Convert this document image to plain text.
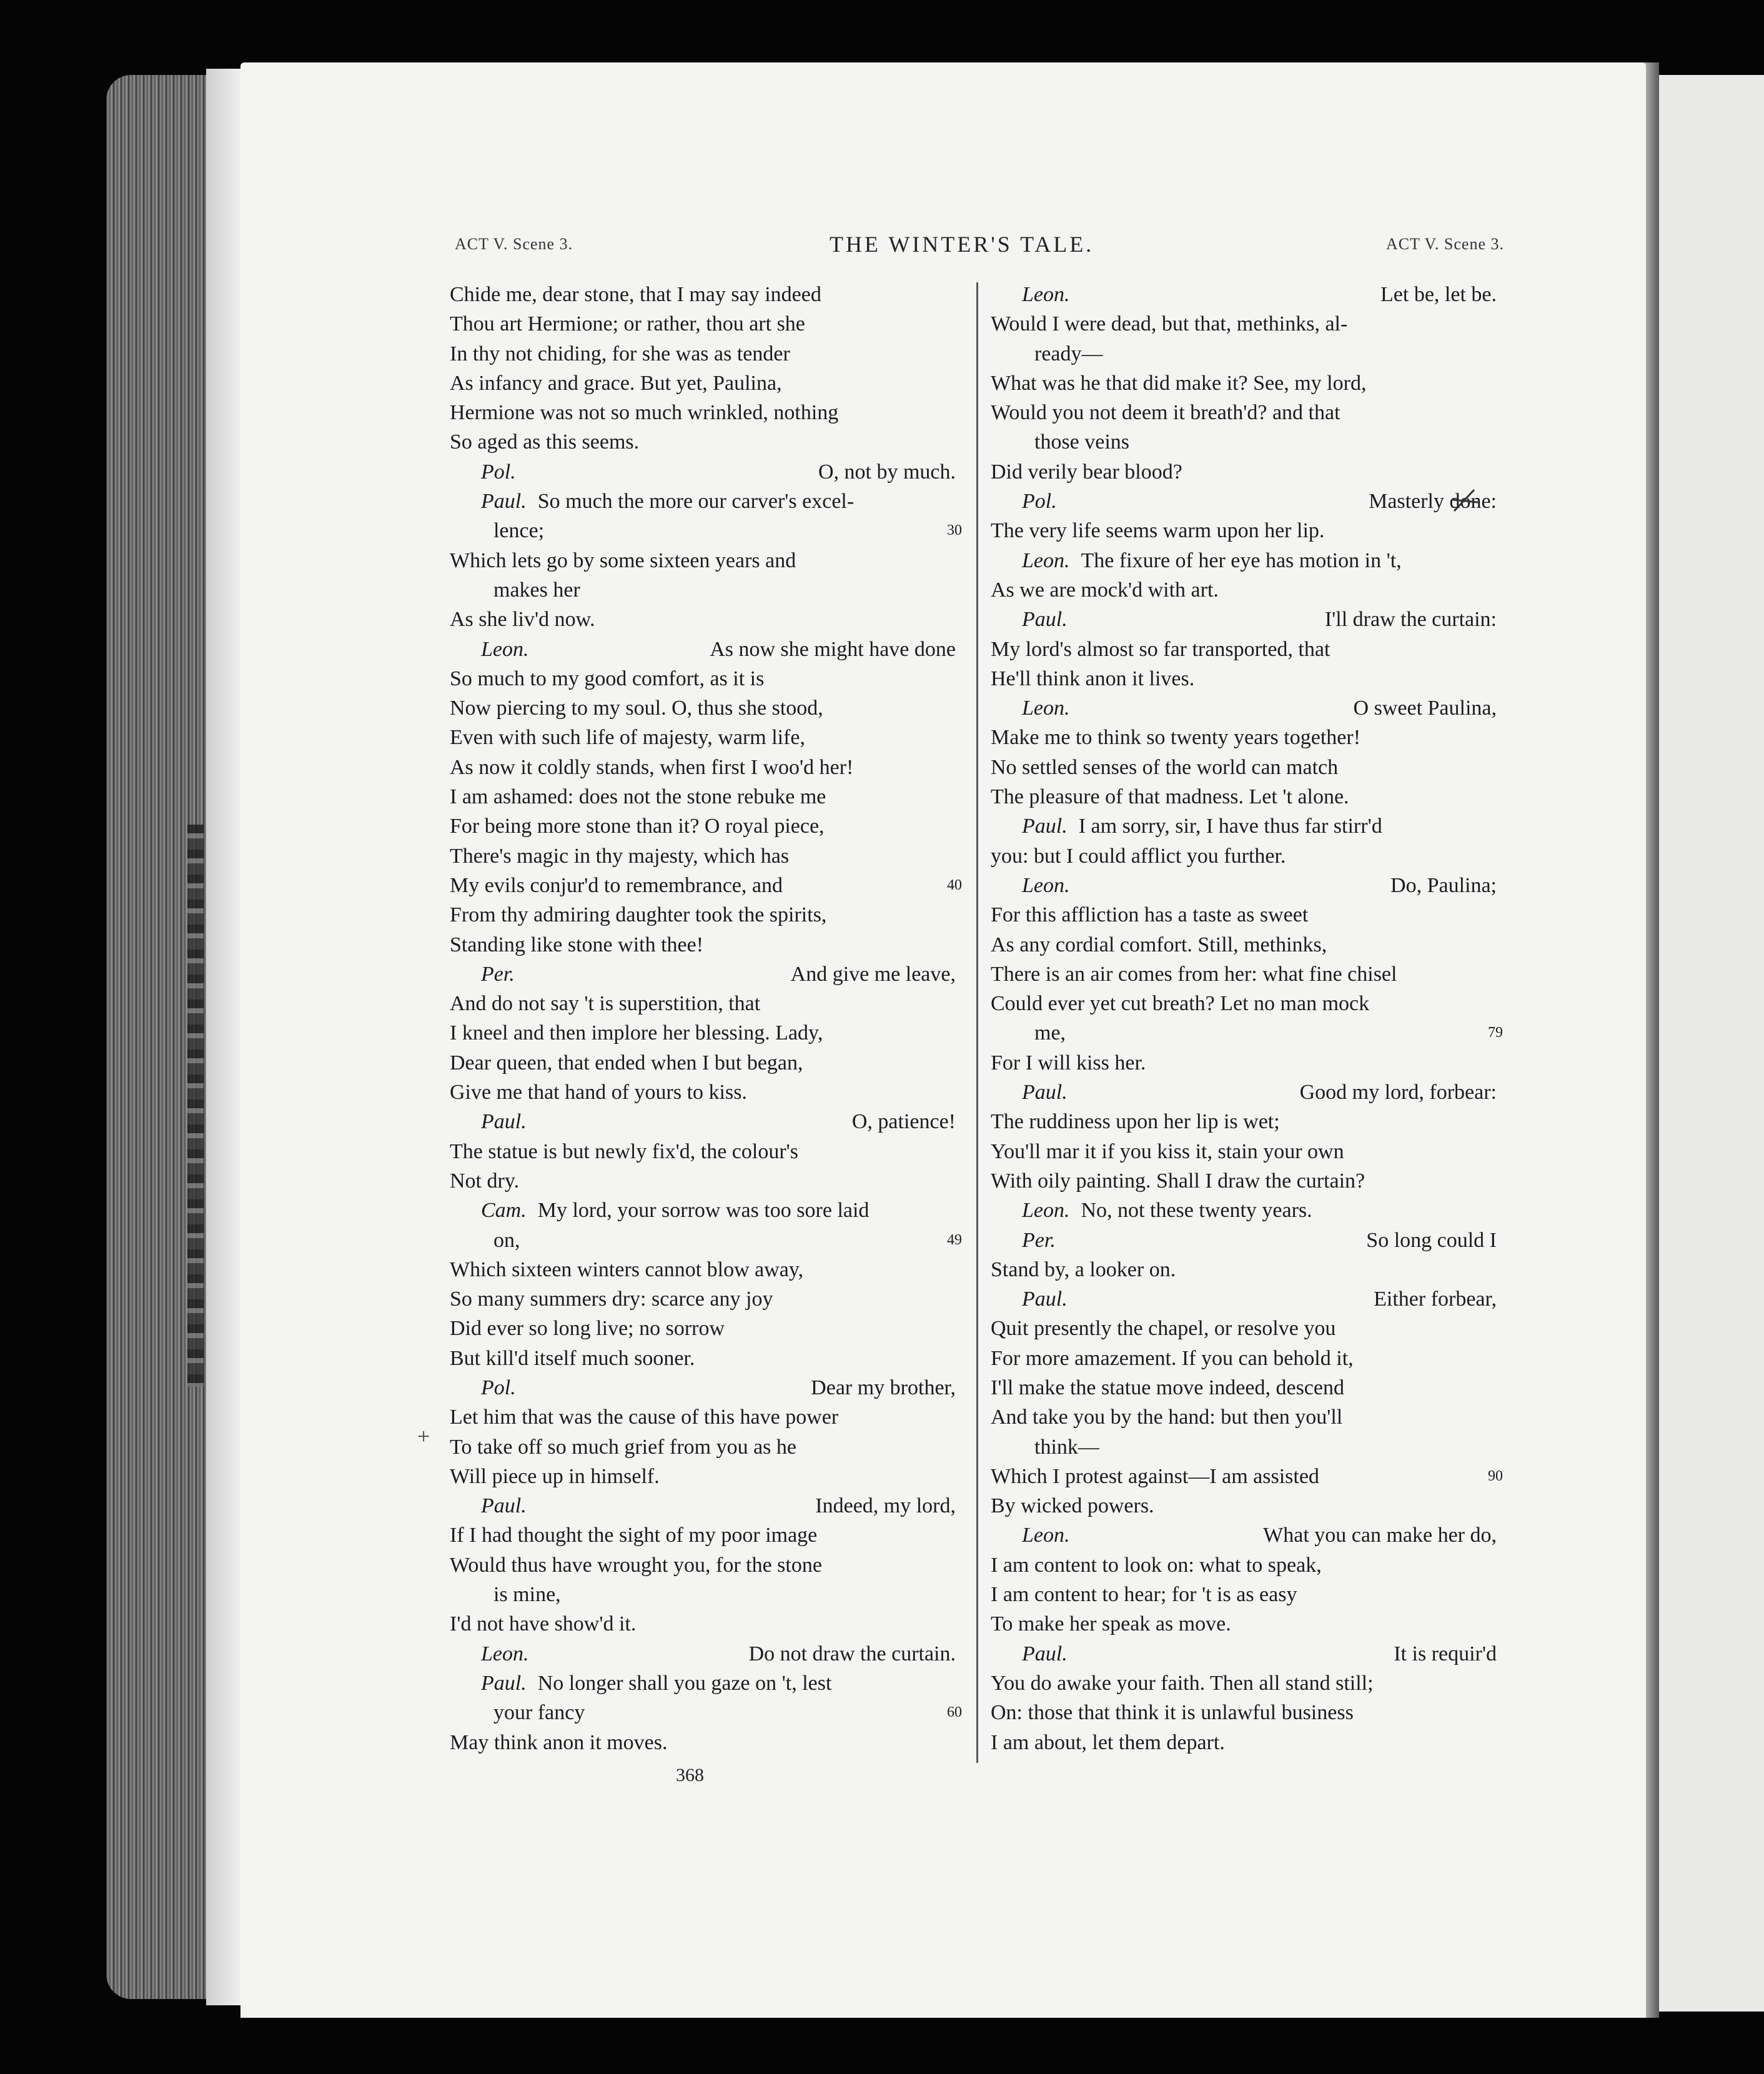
ACT V. Scene 3.	THE WINTER'S TALE.	ACT V. Scene 3.
Chide me, dear stone, that I may say indeed
Thou art Hermione; or rather, thou art she
In thy not chiding, for she was as tender
As infancy and grace. But yet, Paulina,
Hermione was not so much wrinkled, nothing
So aged as this seems.
Pol.	O, not by much.
Paul. So much the more our carver's excel-
lence;	30
Which lets go by some sixteen years and
makes her
As she liv'd now.
Leon.	As now she might have done
So much to my good comfort, as it is
Now piercing to my soul. O, thus she stood,
Even with such life of majesty, warm life,
As now it coldly stands, when first I woo'd her!
I am ashamed: does not the stone rebuke me
For being more stone than it? O royal piece,
There's magic in thy majesty, which has
My evils conjur'd to remembrance, and	40
From thy admiring daughter took the spirits,
Standing like stone with thee!
Per.	And give me leave,
And do not say 't is superstition, that
I kneel and then implore her blessing. Lady,
Dear queen, that ended when I but began,
Give me that hand of yours to kiss.
Paul.	O, patience!
The statue is but newly fix'd, the colour's
Not dry.
Cam. My lord, your sorrow was too sore laid
on,	49
Which sixteen winters cannot blow away,
So many summers dry: scarce any joy
Did ever so long live; no sorrow
But kill'd itself much sooner.
Pol.	Dear my brother,
Let him that was the cause of this have power
To take off so much grief from you as he
Will piece up in himself.
Paul.	Indeed, my lord,
If I had thought the sight of my poor image
Would thus have wrought you, for the stone
is mine,
I'd not have show'd it.
Leon.	Do not draw the curtain.
Paul. No longer shall you gaze on 't, lest
your fancy	60
May think anon it moves.
Leon.	Let be, let be.
Would I were dead, but that, methinks, al-
ready—
What was he that did make it? See, my lord,
Would you not deem it breath'd? and that
those veins
Did verily bear blood?
Pol.	Masterly done:
The very life seems warm upon her lip.
Leon. The fixure of her eye has motion in 't,
As we are mock'd with art.
Paul.	I'll draw the curtain:
My lord's almost so far transported, that
He'll think anon it lives.
Leon.	O sweet Paulina,
Make me to think so twenty years together!
No settled senses of the world can match
The pleasure of that madness. Let 't alone.
Paul. I am sorry, sir, I have thus far stirr'd
you: but I could afflict you further.
Leon.	Do, Paulina;
For this affliction has a taste as sweet
As any cordial comfort. Still, methinks,
There is an air comes from her: what fine chisel
Could ever yet cut breath? Let no man mock
me,	79
For I will kiss her.
Paul.	Good my lord, forbear:
The ruddiness upon her lip is wet;
You'll mar it if you kiss it, stain your own
With oily painting. Shall I draw the curtain?
Leon. No, not these twenty years.
Per.	So long could I
Stand by, a looker on.
Paul.	Either forbear,
Quit presently the chapel, or resolve you
For more amazement. If you can behold it,
I'll make the statue move indeed, descend
And take you by the hand: but then you'll
think—
Which I protest against—I am assisted	90
By wicked powers.
Leon.	What you can make her do,
I am content to look on: what to speak,
I am content to hear; for 't is as easy
To make her speak as move.
Paul.	It is requir'd
You do awake your faith. Then all stand still;
On: those that think it is unlawful business
I am about, let them depart.
368
+
